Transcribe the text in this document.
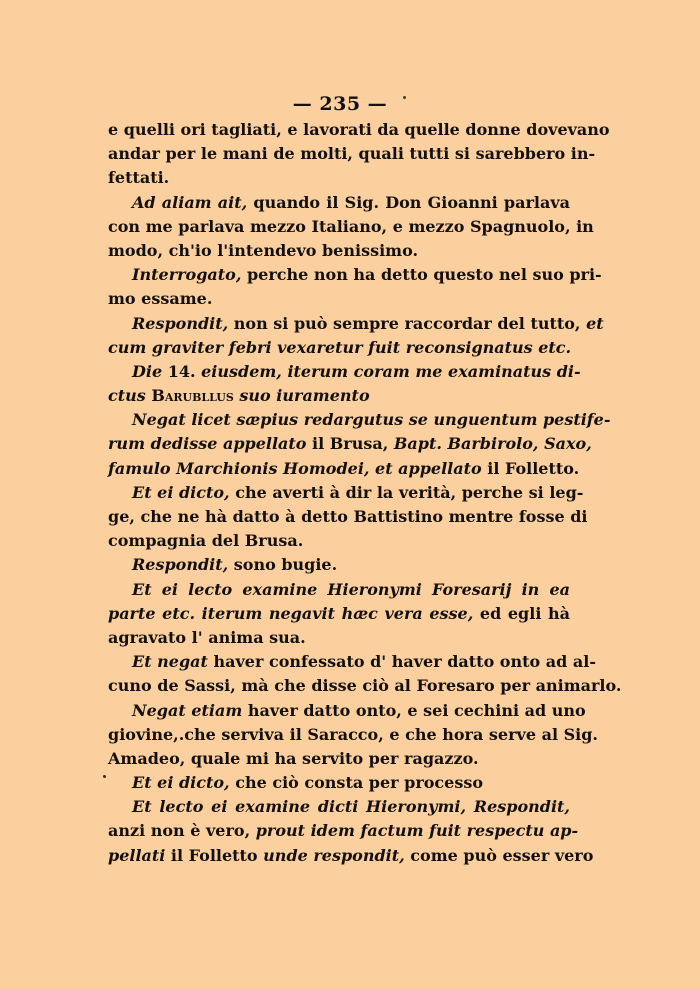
— 235 —
e quelli ori tagliati, e lavorati da quelle donne dovevano
andar per le mani de molti, quali tutti si sarebbero in-
fettati.
Ad aliam ait, quando il Sig. Don Gioanni parlava
con me parlava mezzo Italiano, e mezzo Spagnuolo, in
modo, ch'io l'intendevo benissimo.
Interrogato, perche non ha detto questo nel suo pri-
mo essame.
Respondit, non si può sempre raccordar del tutto, et
cum graviter febri vexaretur fuit reconsignatus etc.
Die 14. eiusdem, iterum coram me examinatus di-
ctus Barubllus suo iuramento
Negat licet sæpius redargutus se unguentum pestife-
rum dedisse appellato il Brusa, Bapt. Barbirolo, Saxo,
famulo Marchionis Homodei, et appellato il Folletto.
Et ei dicto, che averti à dir la verità, perche si leg-
ge, che ne hà datto à detto Battistino mentre fosse di
compagnia del Brusa.
Respondit, sono bugie.
Et ei lecto examine Hieronymi Foresarij in ea
parte etc. iterum negavit hæc vera esse, ed egli hà
agravato l' anima sua.
Et negat haver confessato d' haver datto onto ad al-
cuno de Sassi, mà che disse ciò al Foresaro per animarlo.
Negat etiam haver datto onto, e sei cechini ad uno
giovine,.che serviva il Saracco, e che hora serve al Sig.
Amadeo, quale mi ha servito per ragazzo.
Et ei dicto, che ciò consta per processo
Et lecto ei examine dicti Hieronymi, Respondit,
anzi non è vero, prout idem factum fuit respectu ap-
pellati il Folletto unde respondit, come può esser vero
